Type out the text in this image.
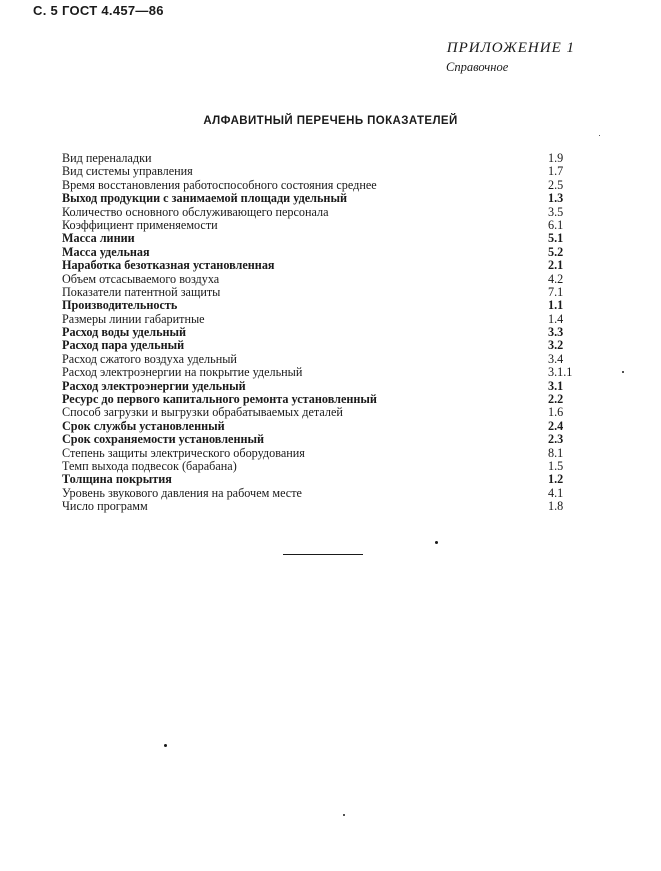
С. 5 ГОСТ 4.457—86
ПРИЛОЖЕНИЕ 1
Справочное
АЛФАВИТНЫЙ ПЕРЕЧЕНЬ ПОКАЗАТЕЛЕЙ
Вид переналадки	1.9
Вид системы управления	1.7
Время восстановления работоспособного состояния среднее	2.5
Выход продукции с занимаемой площади удельный	1.3
Количество основного обслуживающего персонала	3.5
Коэффициент применяемости	6.1
Масса линии	5.1
Масса удельная	5.2
Наработка безотказная установленная	2.1
Объем отсасываемого воздуха	4.2
Показатели патентной защиты	7.1
Производительность	1.1
Размеры линии габаритные	1.4
Расход воды удельный	3.3
Расход пара удельный	3.2
Расход сжатого воздуха удельный	3.4
Расход электроэнергии на покрытие удельный	3.1.1
Расход электроэнергии удельный	3.1
Ресурс до первого капитального ремонта установленный	2.2
Способ загрузки и выгрузки обрабатываемых деталей	1.6
Срок службы установленный	2.4
Срок сохраняемости установленный	2.3
Степень защиты электрического оборудования	8.1
Темп выхода подвесок (барабана)	1.5
Толщина покрытия	1.2
Уровень звукового давления на рабочем месте	4.1
Число программ	1.8
